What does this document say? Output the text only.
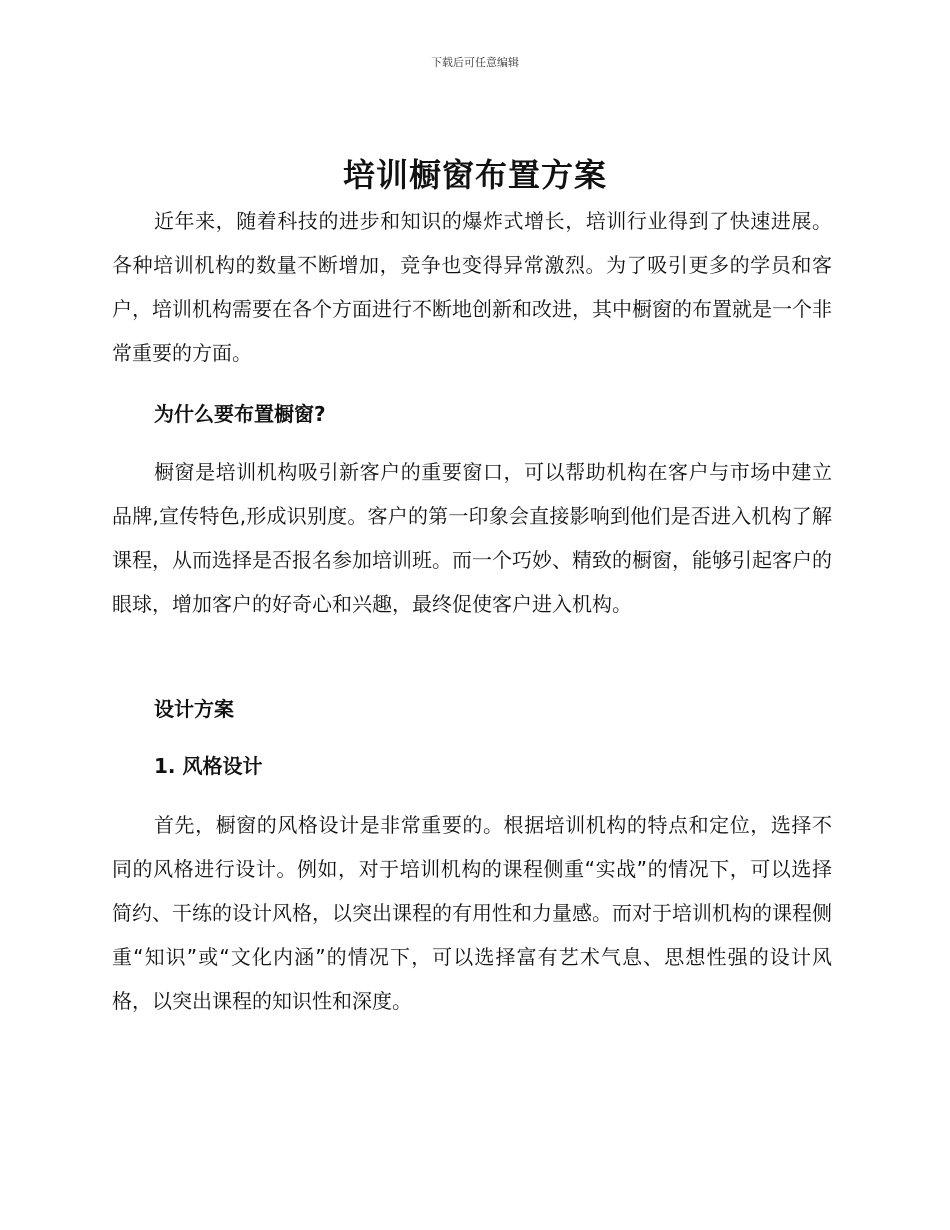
下载后可任意编辑
培训橱窗布置方案

近年来，随着科技的进步和知识的爆炸式增长，培训行业得到了快速进展。各种培训机构的数量不断增加，竞争也变得异常激烈。为了吸引更多的学员和客户，培训机构需要在各个方面进行不断地创新和改进，其中橱窗的布置就是一个非常重要的方面。

为什么要布置橱窗?

橱窗是培训机构吸引新客户的重要窗口，可以帮助机构在客户与市场中建立品牌,宣传特色,形成识别度。客户的第一印象会直接影响到他们是否进入机构了解课程，从而选择是否报名参加培训班。而一个巧妙、精致的橱窗，能够引起客户的眼球，增加客户的好奇心和兴趣，最终促使客户进入机构。

设计方案
1. 风格设计

首先，橱窗的风格设计是非常重要的。根据培训机构的特点和定位，选择不同的风格进行设计。例如，对于培训机构的课程侧重“实战”的情况下，可以选择简约、干练的设计风格，以突出课程的有用性和力量感。而对于培训机构的课程侧重“知识”或“文化内涵”的情况下，可以选择富有艺术气息、思想性强的设计风格，以突出课程的知识性和深度。
